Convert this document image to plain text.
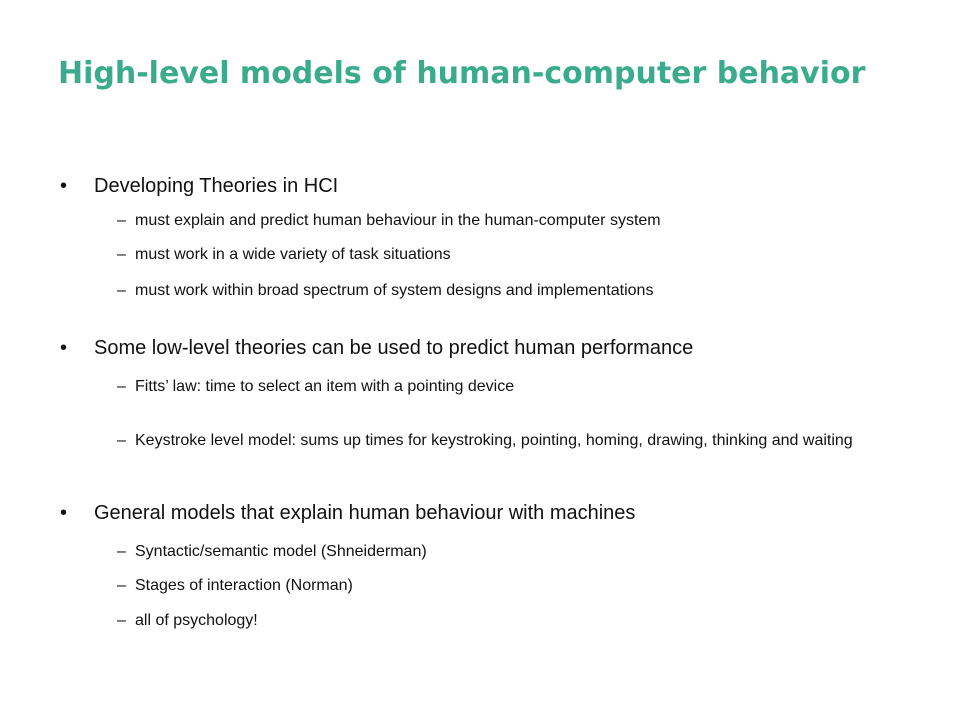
High-level models of human-computer behavior
• Developing Theories in HCI
– must explain and predict human behaviour in the human-computer system
– must work in a wide variety of task situations
– must work within broad spectrum of system designs and implementations
• Some low-level theories can be used to predict human performance
– Fitts’ law: time to select an item with a pointing device
– Keystroke level model: sums up times for keystroking, pointing, homing, drawing, thinking and waiting
• General models that explain human behaviour with machines
– Syntactic/semantic model (Shneiderman)
– Stages of interaction (Norman)
– all of psychology!
